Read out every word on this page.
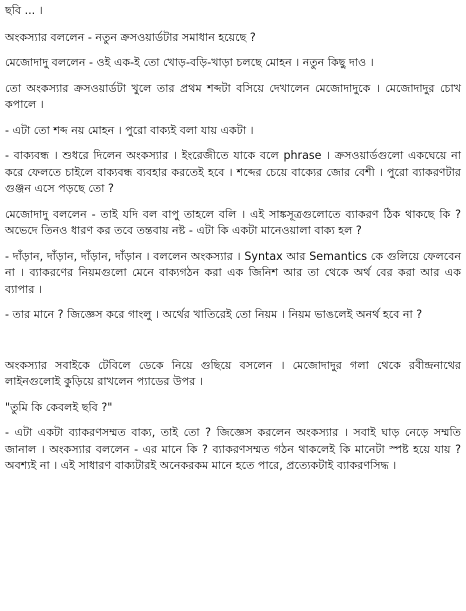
ছবি ... ।

অংকস্যার বললেন - নতুন ক্রসওয়ার্ডটার সমাধান হয়েছে ?

মেজোদাদু বললেন - ওই এক-ই তো খোড়-বড়ি-খাড়া চলছে মোহন । নতুন কিছু দাও ।

তো অংকস্যার ক্রসওয়ার্ডটা খুলে তার প্রথম শব্দটা বসিয়ে দেখালেন মেজোদাদুকে । মেজোদাদুর চোখ কপালে ।

- এটা তো শব্দ নয় মোহন । পুরো বাক্যই বলা যায় একটা ।

- বাক্যবন্ধ । শুধরে দিলেন অংকস্যার । ইংরেজীতে যাকে বলে phrase । ক্রসওয়ার্ডগুলো একঘেয়ে না করে ফেলতে চাইলে বাক্যবন্ধ ব্যবহার করতেই হবে । শব্দের চেয়ে বাক্যের জোর বেশী । পুরো ব্যাকরণটার গুঞ্জন এসে পড়ছে তো ?

মেজোদাদু বললেন - তাই যদি বল বাপু তাহলে বলি । এই সাঙ্কসূত্রগুলোতে ব্যাকরণ ঠিক থাকছে কি ? অভেদে তিনও ধারণ কর তবে তন্তবায় নষ্ট - এটা কি একটা মানেওয়ালা বাক্য হল ?

- দাঁড়ান, দাঁড়ান, দাঁড়ান, দাঁড়ান । বললেন অংকস্যার । Syntax আর Semantics কে গুলিয়ে ফেলবেন না । ব্যাকরণের নিয়মগুলো মেনে বাক্যগঠন করা এক জিনিশ আর তা থেকে অর্থ বের করা আর এক ব্যাপার ।

- তার মানে ? জিজ্ঞেস করে গাংলু । অর্থের খাতিরেই তো নিয়ম । নিয়ম ভাঙলেই অনর্থ হবে না ?

অংকস্যার সবাইকে টেবিলে ডেকে নিয়ে গুছিয়ে বসলেন । মেজোদাদুর গলা থেকে রবীন্দ্রনাথের লাইনগুলোই কুড়িয়ে রাখলেন প্যাডের উপর ।

"তুমি কি কেবলই ছবি ?"

- এটা একটা ব্যাকরণসম্মত বাক্য, তাই তো ? জিজ্ঞেস করলেন অংকস্যার । সবাই ঘাড় নেড়ে সম্মতি জানাল । অংকস্যার বললেন - এর মানে কি ? ব্যাকরণসম্মত গঠন থাকলেই কি মানেটা স্পষ্ট হয়ে যায় ? অবশ্যই না । এই সাধারণ বাক্যটারই অনেকরকম মানে হতে পারে, প্রত্যেকটাই ব্যাকরণসিদ্ধ ।
